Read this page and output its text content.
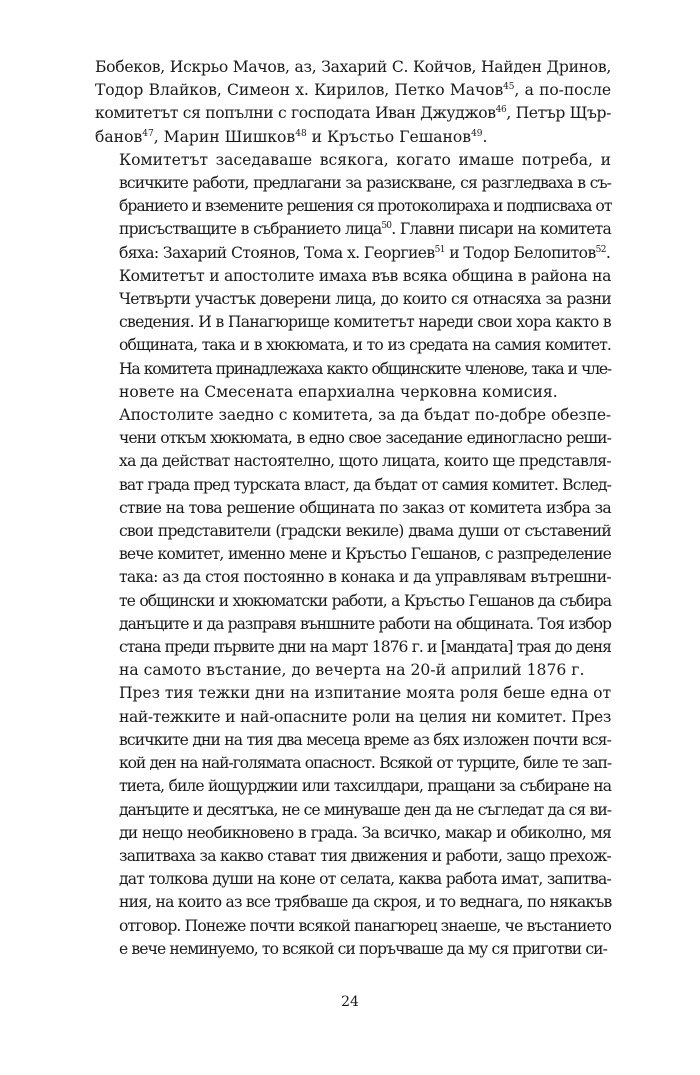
Бобеков, Искрьо Мачов, аз, Захарий С. Койчов, Найден Дринов,
Тодор Влайков, Симеон х. Кирилов, Петко Мачов$^{45}$, а по-после
комитетът ся попълни с господата Иван Джуджов$^{46}$, Петър Щър-
банов$^{47}$, Марин Шишков$^{48}$ и Кръстьо Гешанов$^{49}$.

Комитетът заседаваше всякога, когато имаше потреба, и
всичките работи, предлагани за разискване, ся разгледваха в съ-
бранието и вземените решения ся протоколираха и подписваха от
присъстващите в събранието лица$^{50}$. Главни писари на комитета
бяха: Захарий Стоянов, Тома х. Георгиев$^{51}$ и Тодор Белопитов$^{52}$.

Комитетът и апостолите имаха във всяка община в района на
Четвърти участък доверени лица, до които ся отнасяха за разни
сведения. И в Панагюрище комитетът нареди свои хора както в
общината, така и в хюкюмата, и то из средата на самия комитет.
На комитета принадлежаха както общинските членове, така и чле-
новете на Смесената епархиална черковна комисия.

Апостолите заедно с комитета, за да бъдат по-добре обезпе-
чени откъм хюкюмата, в едно свое заседание единогласно реши-
ха да действат настоятелно, щото лицата, които ще представля-
ват града пред турската власт, да бъдат от самия комитет. Вслед-
ствие на това решение общината по заказ от комитета избра за
свои представители (градски векиле) двама души от съставений
вече комитет, именно мене и Кръстьо Гешанов, с разпределение
така: аз да стоя постоянно в конака и да управлявам вътрешни-
те общински и хюкюматски работи, а Кръстьо Гешанов да събира
данъците и да разправя външните работи на общината. Тоя избор
стана преди първите дни на март 1876 г. и [мандата] трая до деня
на самото въстание, до вечерта на 20-й априлий 1876 г.

През тия тежки дни на изпитание моята роля беше една от
най-тежките и най-опасните роли на целия ни комитет. През
всичките дни на тия два месеца време аз бях изложен почти вся-
кой ден на най-голямата опасност. Всякой от турците, биле те зап-
тиета, биле йощурджии или тахсилдари, пращани за събиране на
данъците и десятъка, не се минуваше ден да не съгледат да ся ви-
ди нещо необикновено в града. За всичко, макар и обиколно, мя
запитваха за какво стават тия движения и работи, защо прехож-
дат толкова души на коне от селата, каква работа имат, запитва-
ния, на които аз все трябваше да скроя, и то веднага, по някакъв
отговор. Понеже почти всякой панагюрец знаеше, че въстанието
е вече неминуемо, то всякой си поръчваше да му ся приготви си-

24
